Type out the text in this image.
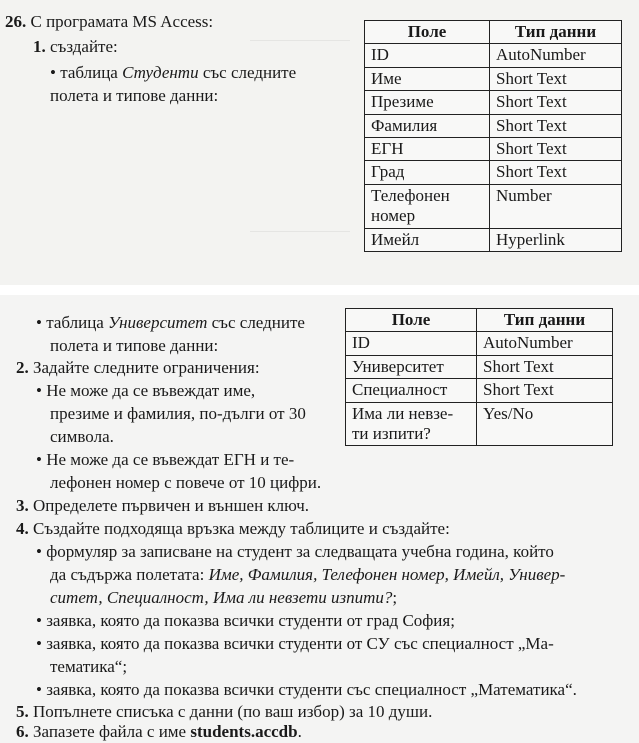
26. С програмата MS Access:
1. създайте:
• таблица Студенти със следните
полета и типове данни:
Поле	Тип данни
ID	AutoNumber
Име	Short Text
Презиме	Short Text
Фамилия	Short Text
ЕГН	Short Text
Град	Short Text
Телефонен
номер	Number
Имейл	Hyperlink
• таблица Университет със следните
полета и типове данни:
Поле	Тип данни
ID	AutoNumber
Университет	Short Text
Специалност	Short Text
Има ли невзе-
ти изпити?	Yes/No
2. Задайте следните ограничения:
• Не може да се въвеждат име,
презиме и фамилия, по-дълги от 30
символа.
• Не може да се въвеждат ЕГН и те-
лефонен номер с повече от 10 цифри.
3. Определете първичен и външен ключ.
4. Създайте подходяща връзка между таблиците и създайте:
• формуляр за записване на студент за следващата учебна година, който
да съдържа полетата: Име, Фамилия, Телефонен номер, Имейл, Универ-
ситет, Специалност, Има ли невзети изпити?;
• заявка, която да показва всички студенти от град София;
• заявка, която да показва всички студенти от СУ със специалност „Ма-
тематика“;
• заявка, която да показва всички студенти със специалност „Математика“.
5. Попълнете списъка с данни (по ваш избор) за 10 души.
6. Запазете файла с име students.accdb.
